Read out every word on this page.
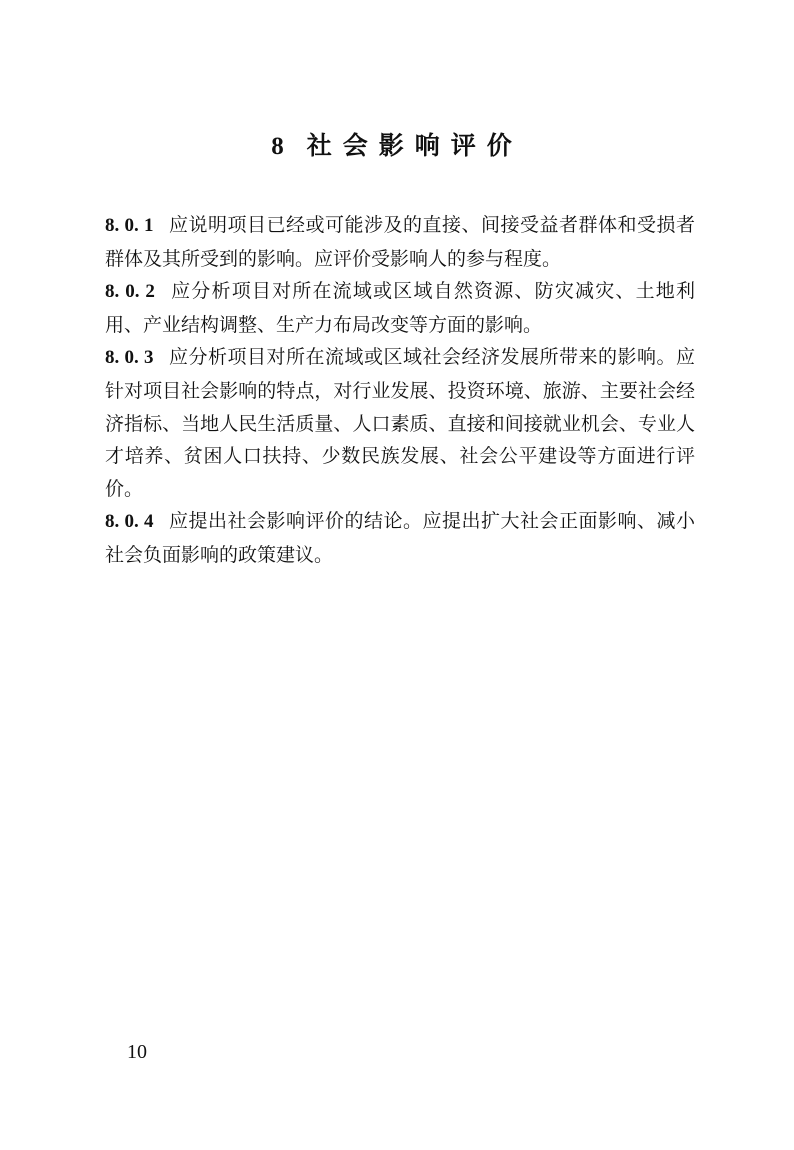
8 社会影响评价

8. 0. 1 应说明项目已经或可能涉及的直接、间接受益者群体和受损者群体及其所受到的影响。应评价受影响人的参与程度。

8. 0. 2 应分析项目对所在流域或区域自然资源、防灾减灾、土地利用、产业结构调整、生产力布局改变等方面的影响。

8. 0. 3 应分析项目对所在流域或区域社会经济发展所带来的影响。应针对项目社会影响的特点，对行业发展、投资环境、旅游、主要社会经济指标、当地人民生活质量、人口素质、直接和间接就业机会、专业人才培养、贫困人口扶持、少数民族发展、社会公平建设等方面进行评价。

8. 0. 4 应提出社会影响评价的结论。应提出扩大社会正面影响、减小社会负面影响的政策建议。

10
